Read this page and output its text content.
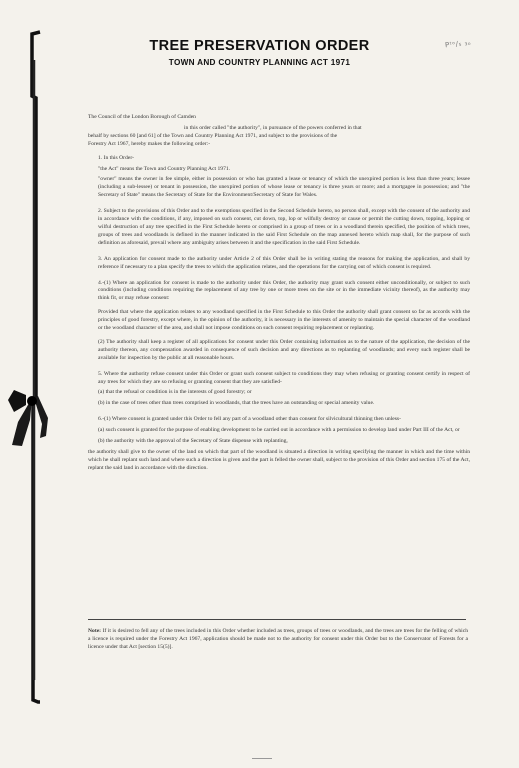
Pᵗᵒ/₅ ₃ₒ
TREE PRESERVATION ORDER
TOWN AND COUNTRY PLANNING ACT 1971

The Council of the London Borough of Camden

in this order called "the authority", in pursuance of the powers conferred in that

behalf by sections 60 [and 61] of the Town and Country Planning Act 1971, and subject to the provisions of the

Forestry Act 1967, hereby makes the following order:-

1. In this Order-

"the Act" means the Town and Country Planning Act 1971.

"owner" means the owner in fee simple, either in possession or who has granted a lease or tenancy of which the unexpired portion is less than three years; lessee (including a sub-lessee) or tenant in possession, the unexpired portion of whose lease or tenancy is three years or more; and a mortgagee in possession; and "the Secretary of State" means the Secretary of State for the Environment/Secretary of State for Wales.

2. Subject to the provisions of this Order and to the exemptions specified in the Second Schedule hereto, no person shall, except with the consent of the authority and in accordance with the conditions, if any, imposed on such consent, cut down, top, lop or wilfully destroy or cause or permit the cutting down, topping, lopping or wilful destruction of any tree specified in the First Schedule hereto or comprised in a group of trees or in a woodland therein specified, the position of which trees, groups of trees and woodlands is defined in the manner indicated in the said First Schedule on the map annexed hereto which map shall, for the purpose of such definition as aforesaid, prevail where any ambiguity arises between it and the specification in the said First Schedule.

3. An application for consent made to the authority under Article 2 of this Order shall be in writing stating the reasons for making the application, and shall by reference if necessary to a plan specify the trees to which the application relates, and the operations for the carrying out of which consent is required.

4.-(1) Where an application for consent is made to the authority under this Order, the authority may grant such consent either unconditionally, or subject to such conditions (including conditions requiring the replacement of any tree by one or more trees on the site or in the immediate vicinity thereof), as the authority may think fit, or may refuse consent:

Provided that where the application relates to any woodland specified in the First Schedule to this Order the authority shall grant consent so far as accords with the principles of good forestry, except where, in the opinion of the authority, it is necessary in the interests of amenity to maintain the special character of the woodland or the woodland character of the area, and shall not impose conditions on such consent requiring replacement or replanting.

(2) The authority shall keep a register of all applications for consent under this Order containing information as to the nature of the application, the decision of the authority thereon, any compensation awarded in consequence of such decision and any directions as to replanting of woodlands; and every such register shall be available for inspection by the public at all reasonable hours.

5. Where the authority refuse consent under this Order or grant such consent subject to conditions they may when refusing or granting consent certify in respect of any trees for which they are so refusing or granting consent that they are satisfied-

(a) that the refusal or condition is in the interests of good forestry; or

(b) in the case of trees other than trees comprised in woodlands, that the trees have an outstanding or special amenity value.

6.-(1) Where consent is granted under this Order to fell any part of a woodland other than consent for silvicultural thinning then unless-

(a) such consent is granted for the purpose of enabling development to be carried out in accordance with a permission to develop land under Part III of the Act, or

(b) the authority with the approval of the Secretary of State dispense with replanting,

the authority shall give to the owner of the land on which that part of the woodland is situated a direction in writing specifying the manner in which and the time within which he shall replant such land and where such a direction is given and the part is felled the owner shall, subject to the provision of this Order and section 175 of the Act, replant the said land in accordance with the direction.

Note: If it is desired to fell any of the trees included in this Order whether included as trees, groups of trees or woodlands, and the trees are trees for the felling of which a licence is required under the Forestry Act 1967, application should be made not to the authority for consent under this Order but to the Conservator of Forests for a licence under that Act [section 15(5)].
